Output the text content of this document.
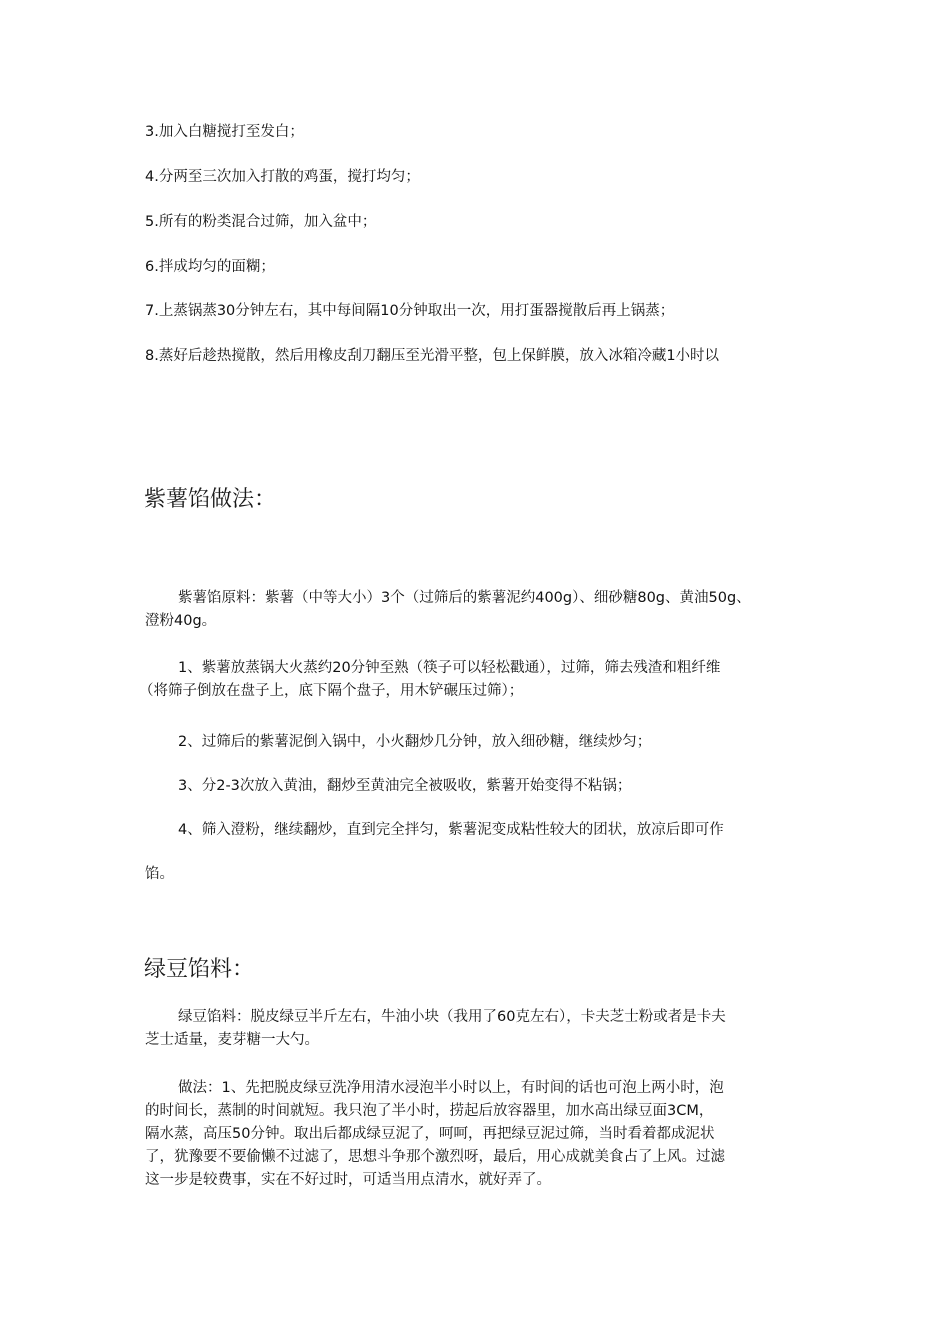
3.加入白糖搅打至发白；
4.分两至三次加入打散的鸡蛋，搅打均匀；
5.所有的粉类混合过筛，加入盆中；
6.拌成均匀的面糊；
7.上蒸锅蒸30分钟左右，其中每间隔10分钟取出一次，用打蛋器搅散后再上锅蒸；
8.蒸好后趁热搅散，然后用橡皮刮刀翻压至光滑平整，包上保鲜膜，放入冰箱冷藏1小时以
紫薯馅做法：
紫薯馅原料：紫薯（中等大小）3个（过筛后的紫薯泥约400g）、细砂糖80g、黄油50g、
澄粉40g。
1、紫薯放蒸锅大火蒸约20分钟至熟（筷子可以轻松戳通），过筛，筛去残渣和粗纤维
（将筛子倒放在盘子上，底下隔个盘子，用木铲碾压过筛）；
2、过筛后的紫薯泥倒入锅中，小火翻炒几分钟，放入细砂糖，继续炒匀；
3、分2-3次放入黄油，翻炒至黄油完全被吸收，紫薯开始变得不粘锅；
4、筛入澄粉，继续翻炒，直到完全拌匀，紫薯泥变成粘性较大的团状，放凉后即可作
馅。
绿豆馅料：
绿豆馅料：脱皮绿豆半斤左右，牛油小块（我用了60克左右），卡夫芝士粉或者是卡夫
芝士适量，麦芽糖一大勺。
做法：1、先把脱皮绿豆洗净用清水浸泡半小时以上，有时间的话也可泡上两小时，泡
的时间长，蒸制的时间就短。我只泡了半小时，捞起后放容器里，加水高出绿豆面3CM，
隔水蒸，高压50分钟。取出后都成绿豆泥了，呵呵，再把绿豆泥过筛，当时看着都成泥状
了，犹豫要不要偷懒不过滤了，思想斗争那个激烈呀，最后，用心成就美食占了上风。过滤
这一步是较费事，实在不好过时，可适当用点清水，就好弄了。
